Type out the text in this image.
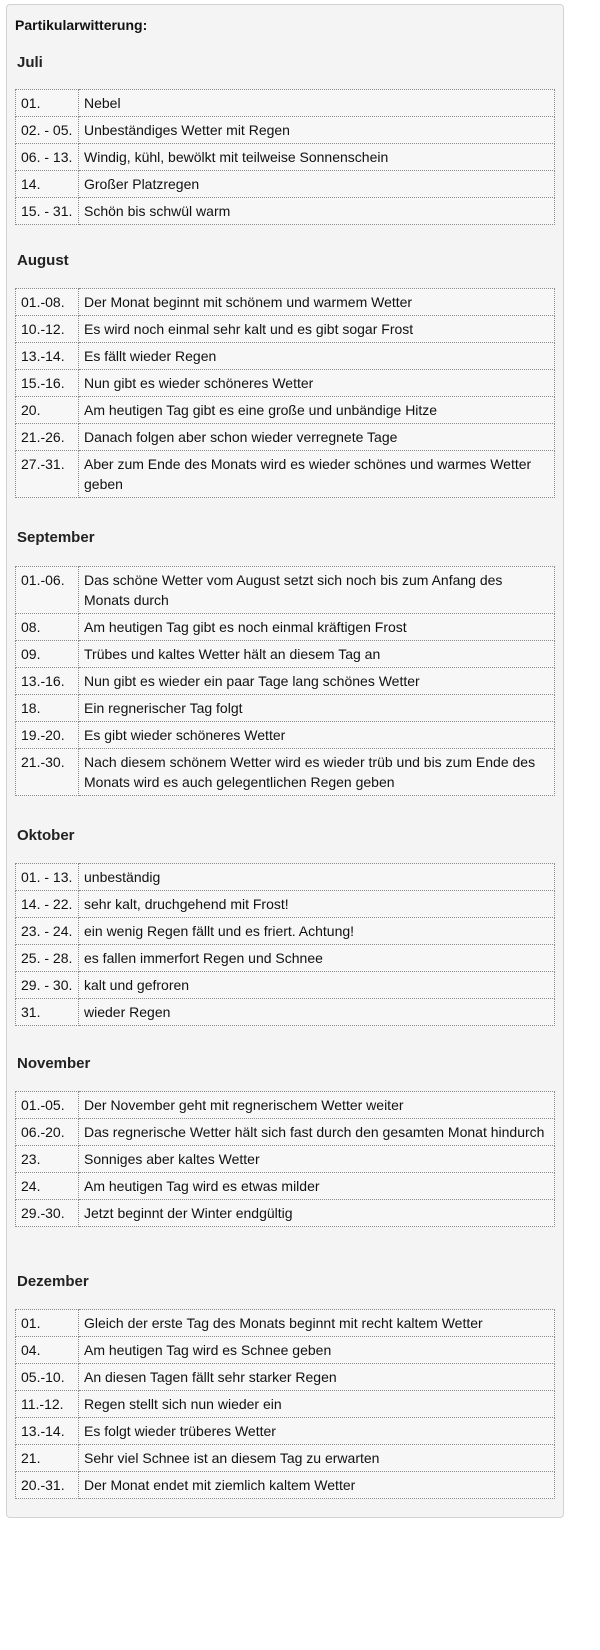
Partikularwitterung:
Juli
01.	Nebel
02. - 05.	Unbeständiges Wetter mit Regen
06. - 13.	Windig, kühl, bewölkt mit teilweise Sonnenschein
14.	Großer Platzregen
15. - 31.	Schön bis schwül warm
August
01.-08.	Der Monat beginnt mit schönem und warmem Wetter
10.-12.	Es wird noch einmal sehr kalt und es gibt sogar Frost
13.-14.	Es fällt wieder Regen
15.-16.	Nun gibt es wieder schöneres Wetter
20.	Am heutigen Tag gibt es eine große und unbändige Hitze
21.-26.	Danach folgen aber schon wieder verregnete Tage
27.-31.	Aber zum Ende des Monats wird es wieder schönes und warmes Wetter geben
September
01.-06.	Das schöne Wetter vom August setzt sich noch bis zum Anfang des Monats durch
08.	Am heutigen Tag gibt es noch einmal kräftigen Frost
09.	Trübes und kaltes Wetter hält an diesem Tag an
13.-16.	Nun gibt es wieder ein paar Tage lang schönes Wetter
18.	Ein regnerischer Tag folgt
19.-20.	Es gibt wieder schöneres Wetter
21.-30.	Nach diesem schönem Wetter wird es wieder trüb und bis zum Ende des Monats wird es auch gelegentlichen Regen geben
Oktober
01. - 13.	unbeständig
14. - 22.	sehr kalt, druchgehend mit Frost!
23. - 24.	ein wenig Regen fällt und es friert. Achtung!
25. - 28.	es fallen immerfort Regen und Schnee
29. - 30.	kalt und gefroren
31.	wieder Regen
November
01.-05.	Der November geht mit regnerischem Wetter weiter
06.-20.	Das regnerische Wetter hält sich fast durch den gesamten Monat hindurch
23.	Sonniges aber kaltes Wetter
24.	Am heutigen Tag wird es etwas milder
29.-30.	Jetzt beginnt der Winter endgültig
Dezember
01.	Gleich der erste Tag des Monats beginnt mit recht kaltem Wetter
04.	Am heutigen Tag wird es Schnee geben
05.-10.	An diesen Tagen fällt sehr starker Regen
11.-12.	Regen stellt sich nun wieder ein
13.-14.	Es folgt wieder trüberes Wetter
21.	Sehr viel Schnee ist an diesem Tag zu erwarten
20.-31.	Der Monat endet mit ziemlich kaltem Wetter
